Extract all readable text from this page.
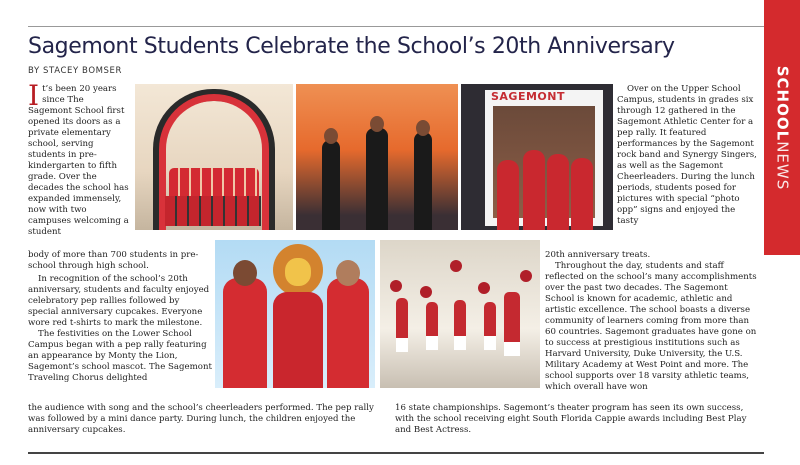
SCHOOLNEWS
Sagemont Students Celebrate the School’s 20th Anniversary
BY STACEY BOMSER

It’s been 20 years since The Sagemont School first opened its doors as a private elementary school, serving students in pre-kindergarten to fifth grade. Over the decades the school has expanded immensely, now with two campuses welcoming a student

body of more than 700 students in pre-school through high school.

In recognition of the school’s 20th anniversary, students and faculty enjoyed celebratory pep rallies followed by special anniversary cupcakes. Everyone wore red t-shirts to mark the milestone.

The festivities on the Lower School Campus began with a pep rally featuring an appearance by Monty the Lion, Sagemont’s school mascot. The Sagemont Traveling Chorus delighted

the audience with song and the school’s cheerleaders performed. The pep rally was followed by a mini dance party. During lunch, the children enjoyed the anniversary cupcakes.

Over on the Upper School Campus, students in grades six through 12 gathered in the Sagemont Athletic Center for a pep rally. It featured performances by the Sagemont rock band and Synergy Singers, as well as the Sagemont Cheerleaders. During the lunch periods, students posed for pictures with special “photo opp” signs and enjoyed the tasty

20th anniversary treats.

Throughout the day, students and staff reflected on the school’s many accomplishments over the past two decades. The Sagemont School is known for academic, athletic and artistic excellence. The school boasts a diverse community of learners coming from more than 60 countries. Sagemont graduates have gone on to success at prestigious institutions such as Harvard University, Duke University, the U.S. Military Academy at West Point and more. The school supports over 18 varsity athletic teams, which overall have won

16 state championships. Sagemont’s theater program has seen its own success, with the school receiving eight South Florida Cappie awards including Best Play and Best Actress.

SAGEMONT
